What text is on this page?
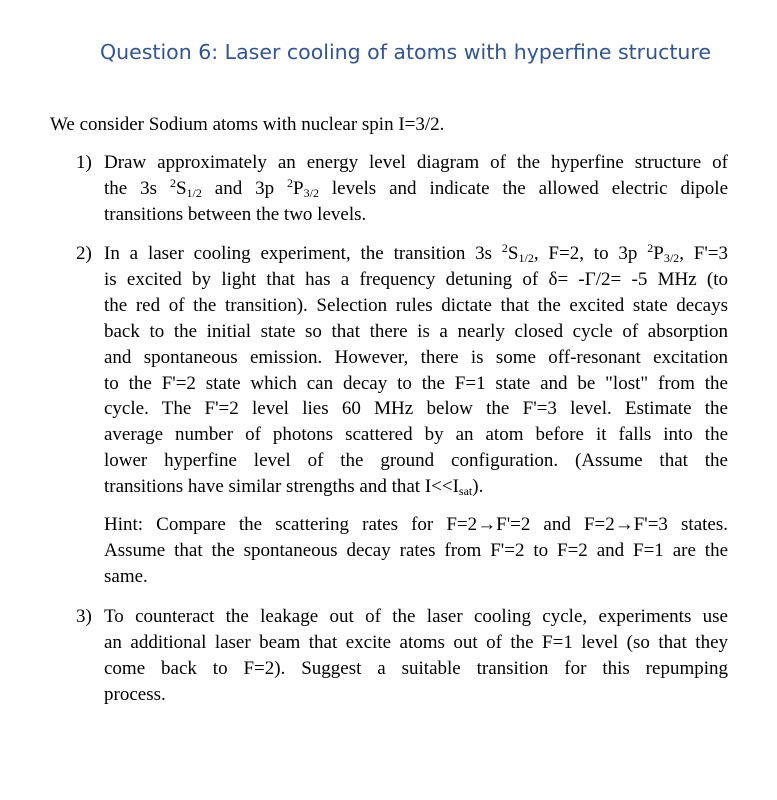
Question 6: Laser cooling of atoms with hyperfine structure
We consider Sodium atoms with nuclear spin I=3/2.
1) Draw approximately an energy level diagram of the hyperfine structure of
the 3s $^2S_{1/2}$ and 3p $^2P_{3/2}$ levels and indicate the allowed electric dipole
transitions between the two levels.
2) In a laser cooling experiment, the transition 3s $^2S_{1/2}$, F=2, to 3p $^2P_{3/2}$, F'=3
is excited by light that has a frequency detuning of δ= -Γ/2= -5 MHz (to
the red of the transition). Selection rules dictate that the excited state decays
back to the initial state so that there is a nearly closed cycle of absorption
and spontaneous emission. However, there is some off-resonant excitation
to the F'=2 state which can decay to the F=1 state and be "lost" from the
cycle. The F'=2 level lies 60 MHz below the F'=3 level. Estimate the
average number of photons scattered by an atom before it falls into the
lower hyperfine level of the ground configuration. (Assume that the
transitions have similar strengths and that $I<<I_{sat}$).
Hint: Compare the scattering rates for F=2→F'=2 and F=2→F'=3 states.
Assume that the spontaneous decay rates from F'=2 to F=2 and F=1 are the
same.
3) To counteract the leakage out of the laser cooling cycle, experiments use
an additional laser beam that excite atoms out of the F=1 level (so that they
come back to F=2). Suggest a suitable transition for this repumping
process.
